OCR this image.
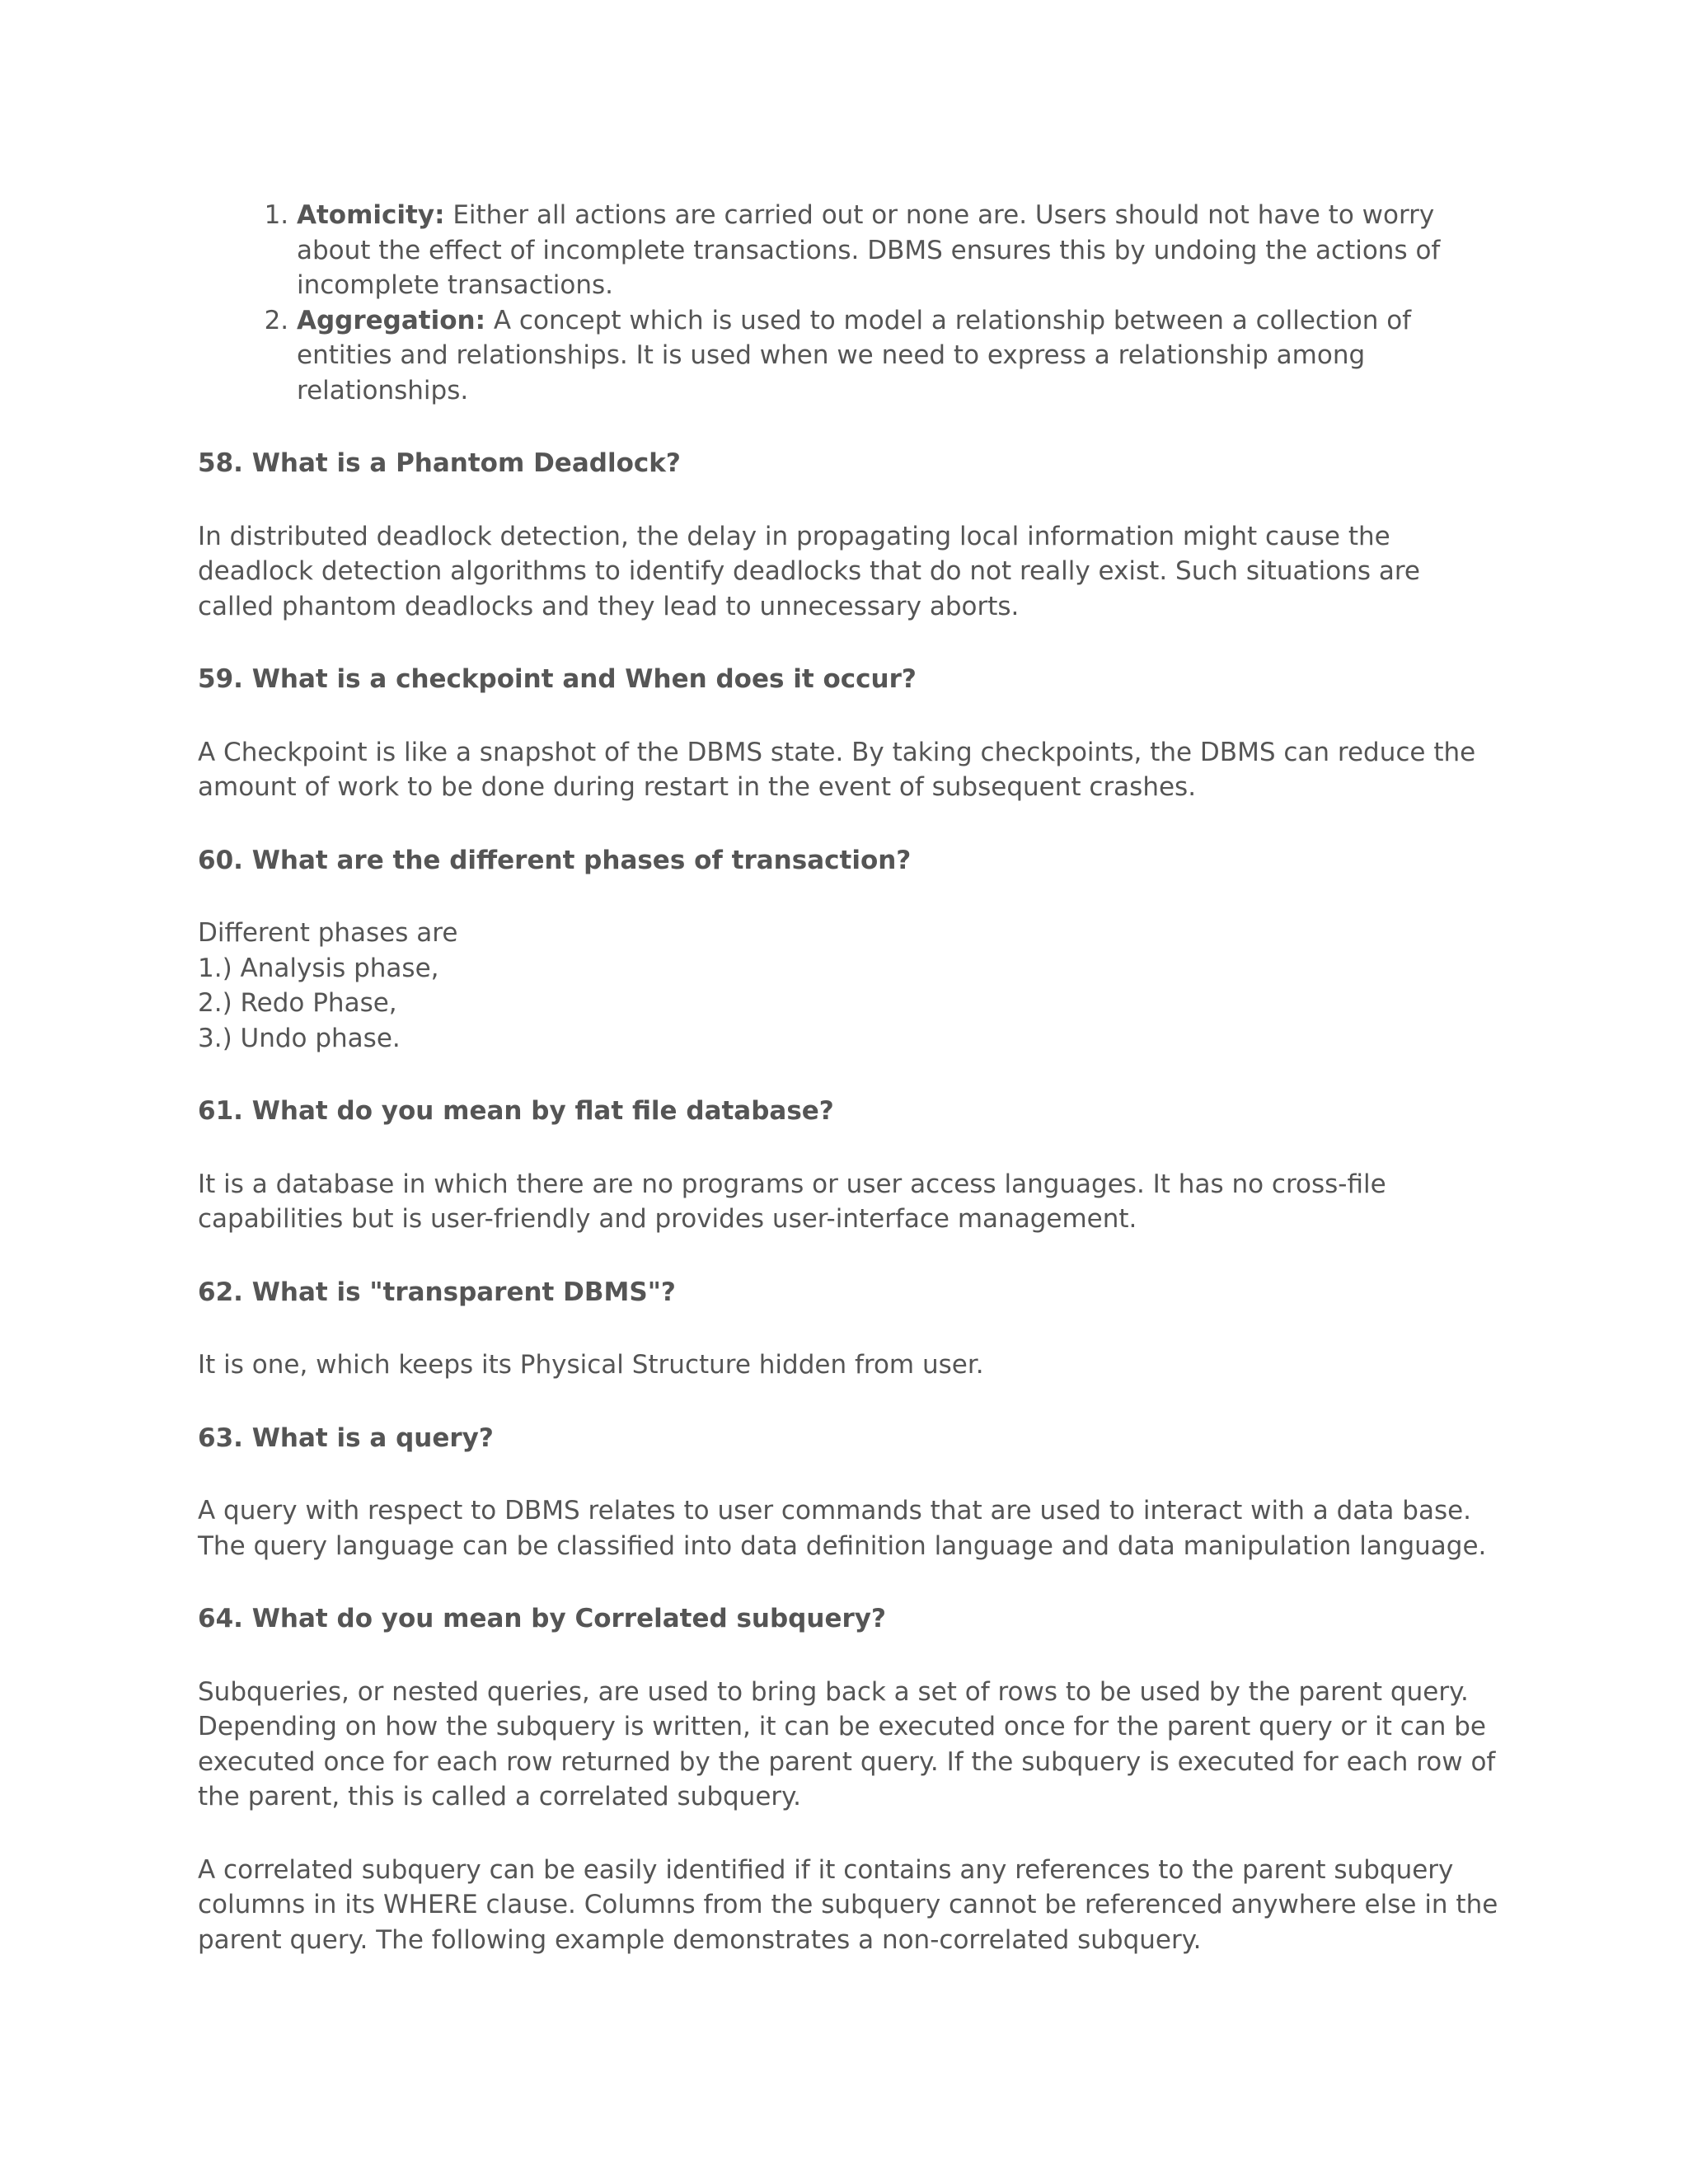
1. Atomicity: Either all actions are carried out or none are. Users should not have to worry about the effect of incomplete transactions. DBMS ensures this by undoing the actions of incomplete transactions.
2. Aggregation: A concept which is used to model a relationship between a collection of entities and relationships. It is used when we need to express a relationship among relationships.
58. What is a Phantom Deadlock?
In distributed deadlock detection, the delay in propagating local information might cause the deadlock detection algorithms to identify deadlocks that do not really exist. Such situations are called phantom deadlocks and they lead to unnecessary aborts.
59. What is a checkpoint and When does it occur?
A Checkpoint is like a snapshot of the DBMS state. By taking checkpoints, the DBMS can reduce the amount of work to be done during restart in the event of subsequent crashes.
60. What are the different phases of transaction?
Different phases are
1.) Analysis phase,
2.) Redo Phase,
3.) Undo phase.
61. What do you mean by flat file database?
It is a database in which there are no programs or user access languages. It has no cross-file capabilities but is user-friendly and provides user-interface management.
62. What is "transparent DBMS"?
It is one, which keeps its Physical Structure hidden from user.
63. What is a query?
A query with respect to DBMS relates to user commands that are used to interact with a data base. The query language can be classified into data definition language and data manipulation language.
64. What do you mean by Correlated subquery?
Subqueries, or nested queries, are used to bring back a set of rows to be used by the parent query. Depending on how the subquery is written, it can be executed once for the parent query or it can be executed once for each row returned by the parent query. If the subquery is executed for each row of the parent, this is called a correlated subquery.
A correlated subquery can be easily identified if it contains any references to the parent subquery columns in its WHERE clause. Columns from the subquery cannot be referenced anywhere else in the parent query. The following example demonstrates a non-correlated subquery.
